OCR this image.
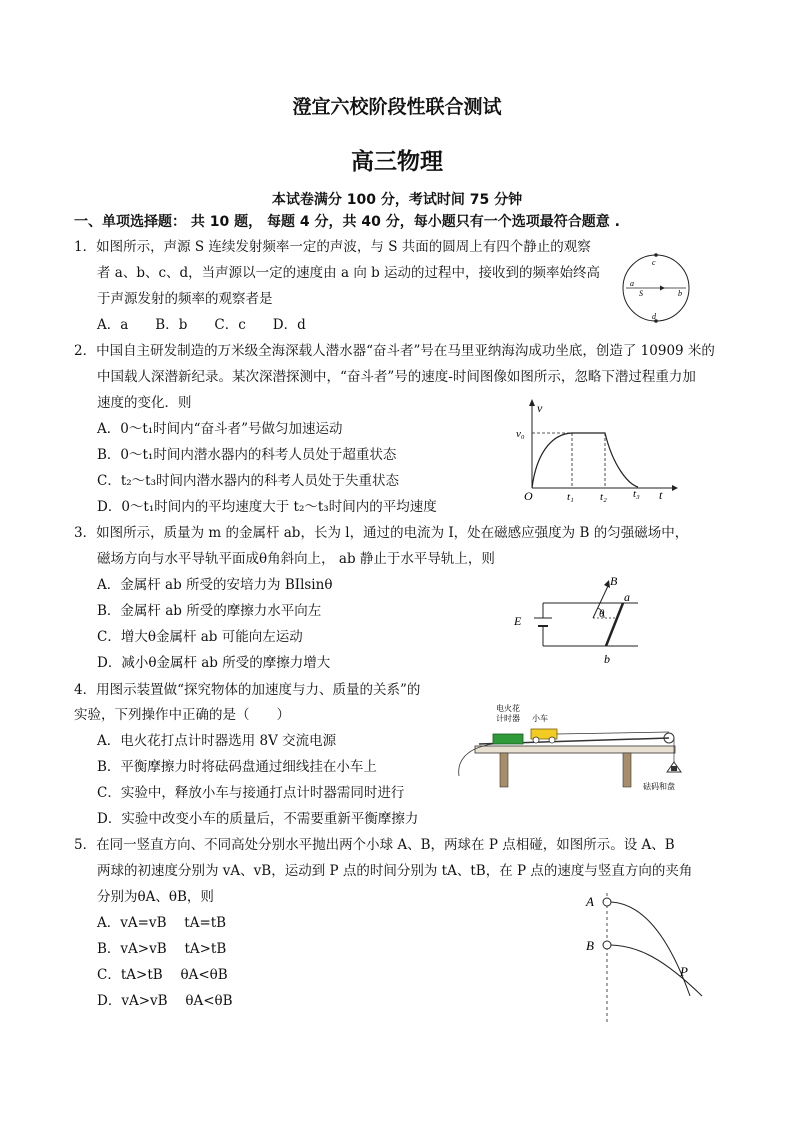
澄宜六校阶段性联合测试
高三物理
本试卷满分 100 分，考试时间 75 分钟
一、单项选择题： 共 10 题， 每题 4 分，共 40 分，每小题只有一个选项最符合题意 .
1．如图所示，声源 S 连续发射频率一定的声波，与 S 共面的圆周上有四个静止的观察
者 a、b、c、d，当声源以一定的速度由 a 向 b 运动的过程中，接收到的频率始终高
于声源发射的频率的观察者是
A．a　　B．b　　C．c　　D．d
c
a
S	b
d
2．中国自主研发制造的万米级全海深载人潜水器“奋斗者”号在马里亚纳海沟成功坐底，创造了 10909 米的
中国载人深潜新纪录。某次深潜探测中，“奋斗者”号的速度-时间图像如图所示，忽略下潜过程重力加
速度的变化．则
A．0～t₁时间内“奋斗者”号做匀加速运动
B．0～t₁时间内潜水器内的科考人员处于超重状态
C．t₂～t₃时间内潜水器内的科考人员处于失重状态
D．0～t₁时间内的平均速度大于 t₂～t₃时间内的平均速度
v
v₀
O	t₁ t₂ t₃ t
3．如图所示，质量为 m 的金属杆 ab，长为 l，通过的电流为 I，处在磁感应强度为 B 的匀强磁场中，
磁场方向与水平导轨平面成θ角斜向上， ab 静止于水平导轨上，则
A．金属杆 ab 所受的安培力为 BIlsinθ
B．金属杆 ab 所受的摩擦力水平向左
C．增大θ金属杆 ab 可能向左运动
D．减小θ金属杆 ab 所受的摩擦力增大
B
θ
a
b
E
4．用图示装置做“探究物体的加速度与力、质量的关系”的
实验，下列操作中正确的是（　　）
A．电火花打点计时器选用 8V 交流电源
B．平衡摩擦力时将砝码盘通过细线挂在小车上
C．实验中，释放小车与接通打点计时器需同时进行
D．实验中改变小车的质量后，不需要重新平衡摩擦力
电火花
计时器 小车
砝码和盘
5．在同一竖直方向、不同高处分别水平抛出两个小球 A、B，两球在 P 点相碰，如图所示。设 A、B
两球的初速度分别为 vA、vB，运动到 P 点的时间分别为 tA、tB，在 P 点的速度与竖直方向的夹角
分别为θA、θB，则
A．vA=vB　 tA=tB
B．vA>vB　 tA>tB
C．tA>tB　 θA<θB
D．vA>vB　 θA<θB
A
B
P
